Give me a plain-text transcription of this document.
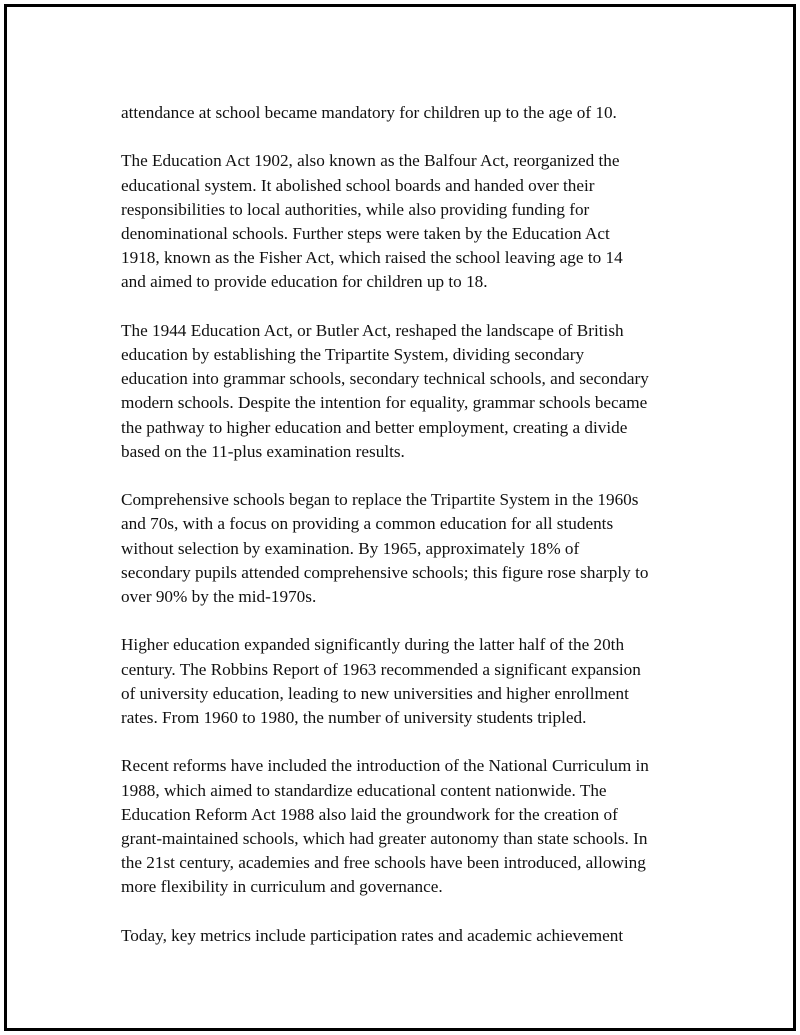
attendance at school became mandatory for children up to the age of 10.

The Education Act 1902, also known as the Balfour Act, reorganized the
educational system. It abolished school boards and handed over their
responsibilities to local authorities, while also providing funding for
denominational schools. Further steps were taken by the Education Act
1918, known as the Fisher Act, which raised the school leaving age to 14
and aimed to provide education for children up to 18.

The 1944 Education Act, or Butler Act, reshaped the landscape of British
education by establishing the Tripartite System, dividing secondary
education into grammar schools, secondary technical schools, and secondary
modern schools. Despite the intention for equality, grammar schools became
the pathway to higher education and better employment, creating a divide
based on the 11-plus examination results.

Comprehensive schools began to replace the Tripartite System in the 1960s
and 70s, with a focus on providing a common education for all students
without selection by examination. By 1965, approximately 18% of
secondary pupils attended comprehensive schools; this figure rose sharply to
over 90% by the mid-1970s.

Higher education expanded significantly during the latter half of the 20th
century. The Robbins Report of 1963 recommended a significant expansion
of university education, leading to new universities and higher enrollment
rates. From 1960 to 1980, the number of university students tripled.

Recent reforms have included the introduction of the National Curriculum in
1988, which aimed to standardize educational content nationwide. The
Education Reform Act 1988 also laid the groundwork for the creation of
grant-maintained schools, which had greater autonomy than state schools. In
the 21st century, academies and free schools have been introduced, allowing
more flexibility in curriculum and governance.

Today, key metrics include participation rates and academic achievement
